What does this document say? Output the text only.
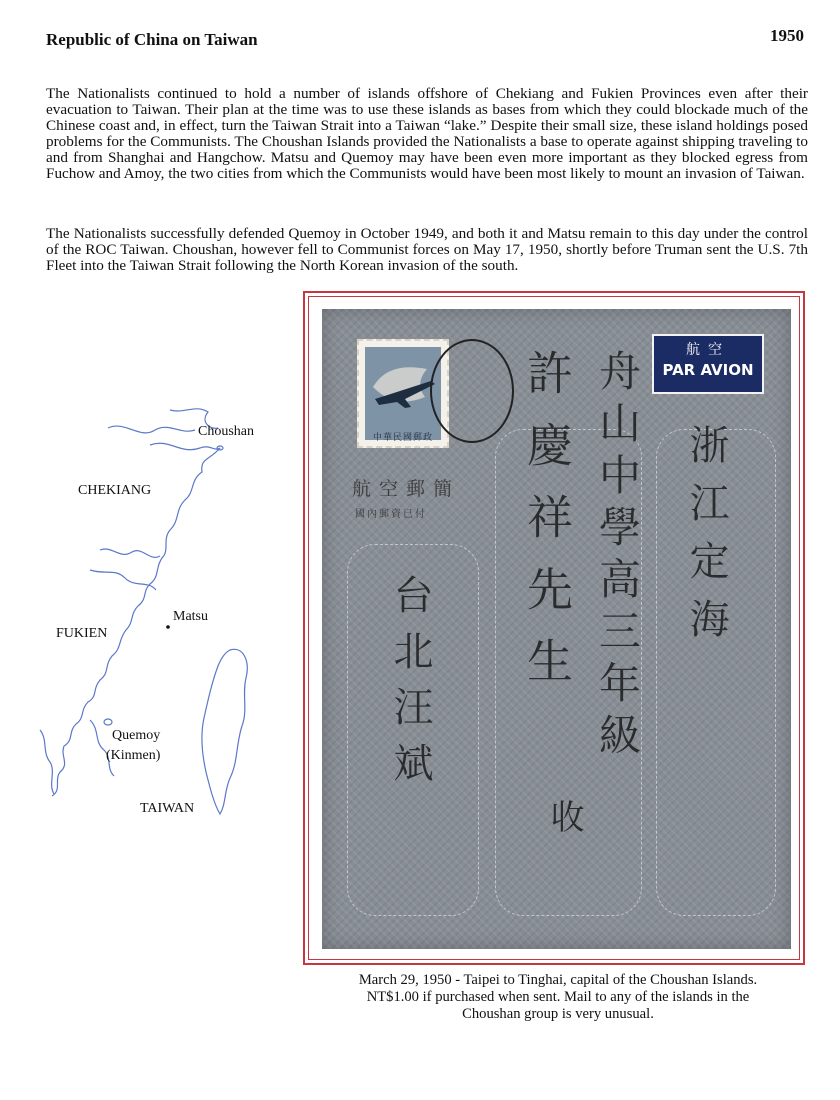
Republic of China on Taiwan	1950

The Nationalists continued to hold a number of islands offshore of Chekiang and Fukien Provinces even after their evacuation to Taiwan. Their plan at the time was to use these islands as bases from which they could blockade much of the Chinese coast and, in effect, turn the Taiwan Strait into a Taiwan “lake.” Despite their small size, these island holdings posed problems for the Communists. The Choushan Islands provided the Nationalists a base to operate against shipping traveling to and from Shanghai and Hangchow. Matsu and Quemoy may have been even more important as they blocked egress from Fuchow and Amoy, the two cities from which the Communists would have been most likely to mount an invasion of Taiwan.

The Nationalists successfully defended Quemoy in October 1949, and both it and Matsu remain to this day under the control of the ROC Taiwan. Choushan, however fell to Communist forces on May 17, 1950, shortly before Truman sent the U.S. 7th Fleet into the Taiwan Strait following the North Korean invasion of the south.

Choushan
CHEKIANG
Matsu
FUKIEN
Quemoy
(Kinmen)
TAIWAN
中華民國郵政
航空
PAR AVION
航空郵簡
國內郵資已付	舟山中學高三年級
許慶祥先生
收
浙江定海
台北汪斌
March 29, 1950 - Taipei to Tinghai, capital of the Choushan Islands.
NT$1.00 if purchased when sent. Mail to any of the islands in the
Choushan group is very unusual.
